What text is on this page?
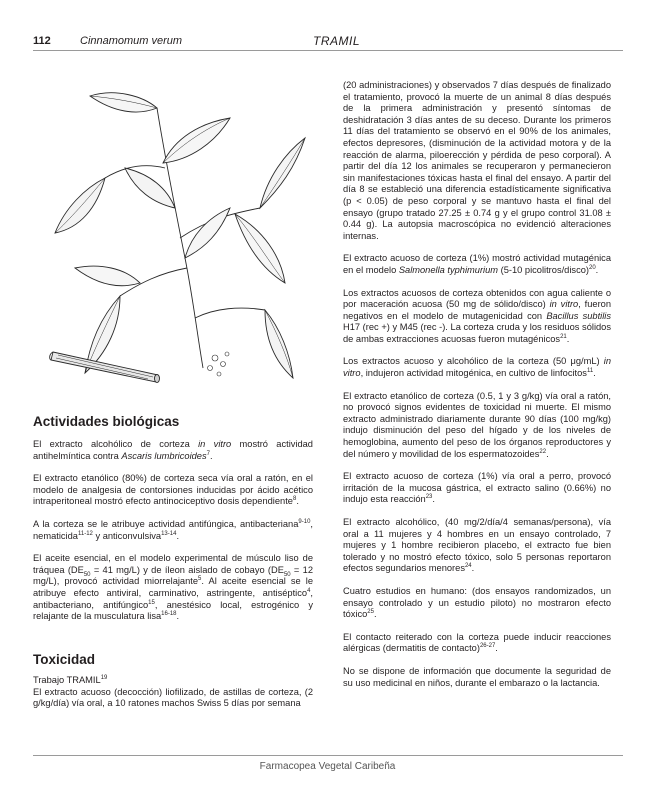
112	Cinnamomum verum	TRAMIL

(20 administraciones) y observados 7 días después de finalizado el tratamiento, provocó la muerte de un animal 8 días después de la primera administración y presentó síntomas de deshidratación 3 días antes de su deceso. Durante los primeros 11 días del tratamiento se observó en el 90% de los animales, efectos depresores, (disminución de la actividad motora y de la reacción de alarma, piloerección y pérdida de peso corporal). A partir del día 12 los animales se recuperaron y permanecieron sin manifestaciones tóxicas hasta el final del ensayo. A partir del día 8 se estableció una diferencia estadísticamente significativa (p < 0.05) de peso corporal y se mantuvo hasta el final del ensayo (grupo tratado 27.25 ± 0.74 g y el grupo control 31.08 ± 0.44 g). La autopsia macroscópica no evidenció alteraciones internas.

El extracto acuoso de corteza (1%) mostró actividad mutagénica en el modelo Salmonella typhimurium (5-10 picolitros/disco)$^{20}$.

Los extractos acuosos de corteza obtenidos con agua caliente o por maceración acuosa (50 mg de sólido/disco) in vitro, fueron negativos en el modelo de mutagenicidad con Bacillus subtilis H17 (rec +) y M45 (rec -). La corteza cruda y los residuos sólidos de ambas extracciones acuosas fueron mutagénicos$^{21}$.

Los extractos acuoso y alcohólico de la corteza (50 μg/mL) in vitro, indujeron actividad mitogénica, en cultivo de linfocitos$^{11}$.

El extracto etanólico de corteza (0.5, 1 y 3 g/kg) vía oral a ratón, no provocó signos evidentes de toxicidad ni muerte. El mismo extracto administrado diariamente durante 90 días (100 mg/kg) indujo disminución del peso del hígado y de los niveles de hemoglobina, aumento del peso de los órganos reproductores y del número y movilidad de los espermatozoides$^{22}$.

El extracto acuoso de corteza (1%) vía oral a perro, provocó irritación de la mucosa gástrica, el extracto salino (0.66%) no indujo esta reacción$^{23}$.

El extracto alcohólico, (40 mg/2/día/4 semanas/persona), vía oral a 11 mujeres y 4 hombres en un ensayo controlado, 7 mujeres y 1 hombre recibieron placebo, el extracto fue bien tolerado y no mostró efecto tóxico, solo 5 personas reportaron efectos segundarios menores$^{24}$.

Cuatro estudios en humano: (dos ensayos randomizados, un ensayo controlado y un estudio piloto) no mostraron efecto tóxico$^{25}$.

El contacto reiterado con la corteza puede inducir reacciones alérgicas (dermatitis de contacto)$^{26-27}$.

No se dispone de información que documente la seguridad de su uso medicinal en niños, durante el embarazo o la lactancia.

Actividades biológicas

El extracto alcohólico de corteza in vitro mostró actividad antihelmíntica contra Ascaris lumbricoides$^7$.

El extracto etanólico (80%) de corteza seca vía oral a ratón, en el modelo de analgesia de contorsiones inducidas por ácido acético intraperitoneal mostró efecto antinociceptivo dosis dependiente$^8$.

A la corteza se le atribuye actividad antifúngica, antibacteriana$^{9-10}$, nematicida$^{11-12}$ y anticonvulsiva$^{13-14}$.

El aceite esencial, en el modelo experimental de músculo liso de tráquea ($DE_{50} = 41$ mg/L) y de íleon aislado de cobayo ($DE_{50} = 12$ mg/L), provocó actividad miorrelajante$^5$. Al aceite esencial se le atribuye efecto antiviral, carminativo, astringente, antiséptico$^4$, antibacteriano, antifúngico$^{15}$, anestésico local, estrogénico y relajante de la musculatura lisa$^{16-18}$.

Toxicidad
Trabajo TRAMIL$^{19}$

El extracto acuoso (decocción) liofilizado, de astillas de corteza, (2 g/kg/día) vía oral, a 10 ratones machos Swiss 5 días por semana

Farmacopea Vegetal Caribeña
